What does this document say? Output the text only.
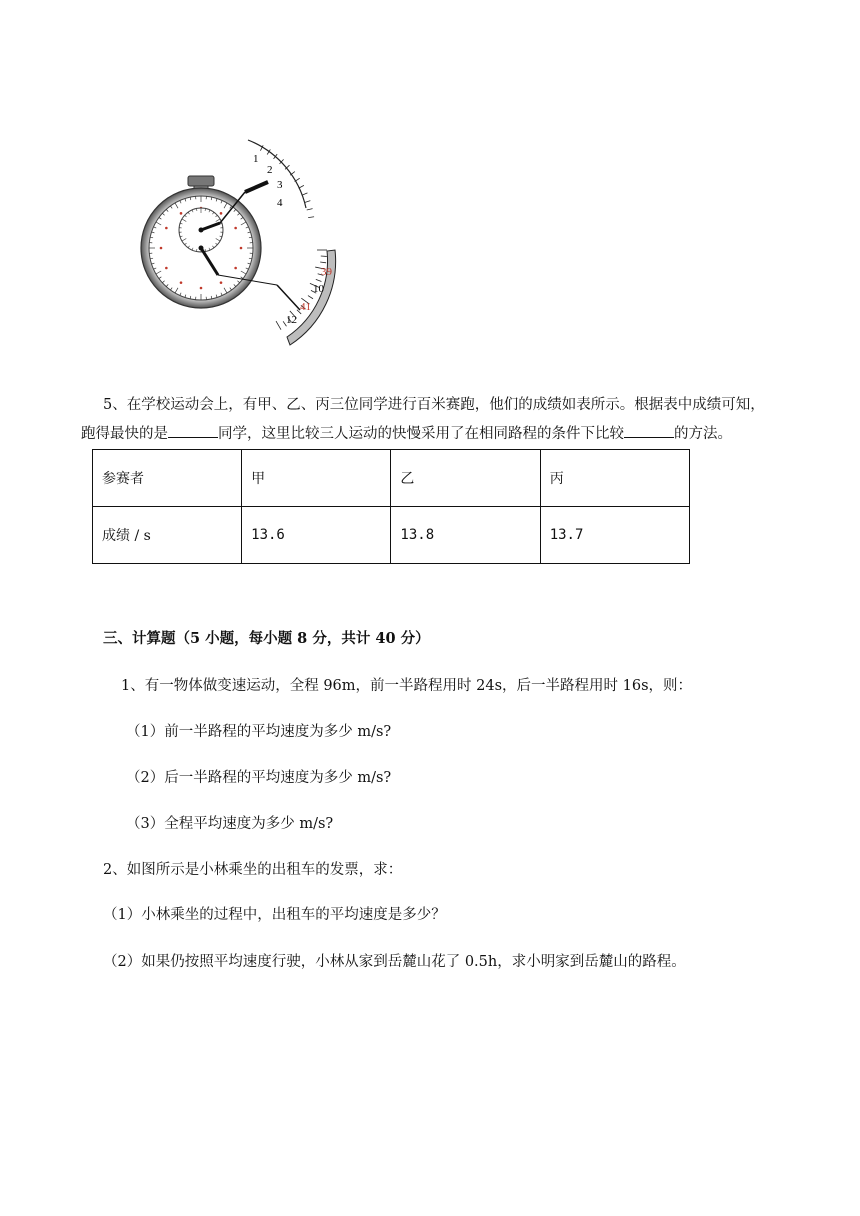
1
2
3
4
39
10
41
12
5、在学校运动会上，有甲、乙、丙三位同学进行百米赛跑，他们的成绩如表所示。根据表中成绩可知，
跑得最快的是	同学，这里比较三人运动的快慢采用了在相同路程的条件下比较	的方法。
参赛者	甲	乙	丙
成绩 / s	13.6	13.8	13.7
三、计算题（5 小题，每小题 8 分，共计 40 分）
1、有一物体做变速运动，全程 96m，前一半路程用时 24s，后一半路程用时 16s，则：
（1）前一半路程的平均速度为多少 m/s?
（2）后一半路程的平均速度为多少 m/s?
（3）全程平均速度为多少 m/s?
2、如图所示是小林乘坐的出租车的发票，求：
（1）小林乘坐的过程中，出租车的平均速度是多少？
（2）如果仍按照平均速度行驶，小林从家到岳麓山花了 0.5h，求小明家到岳麓山的路程。
